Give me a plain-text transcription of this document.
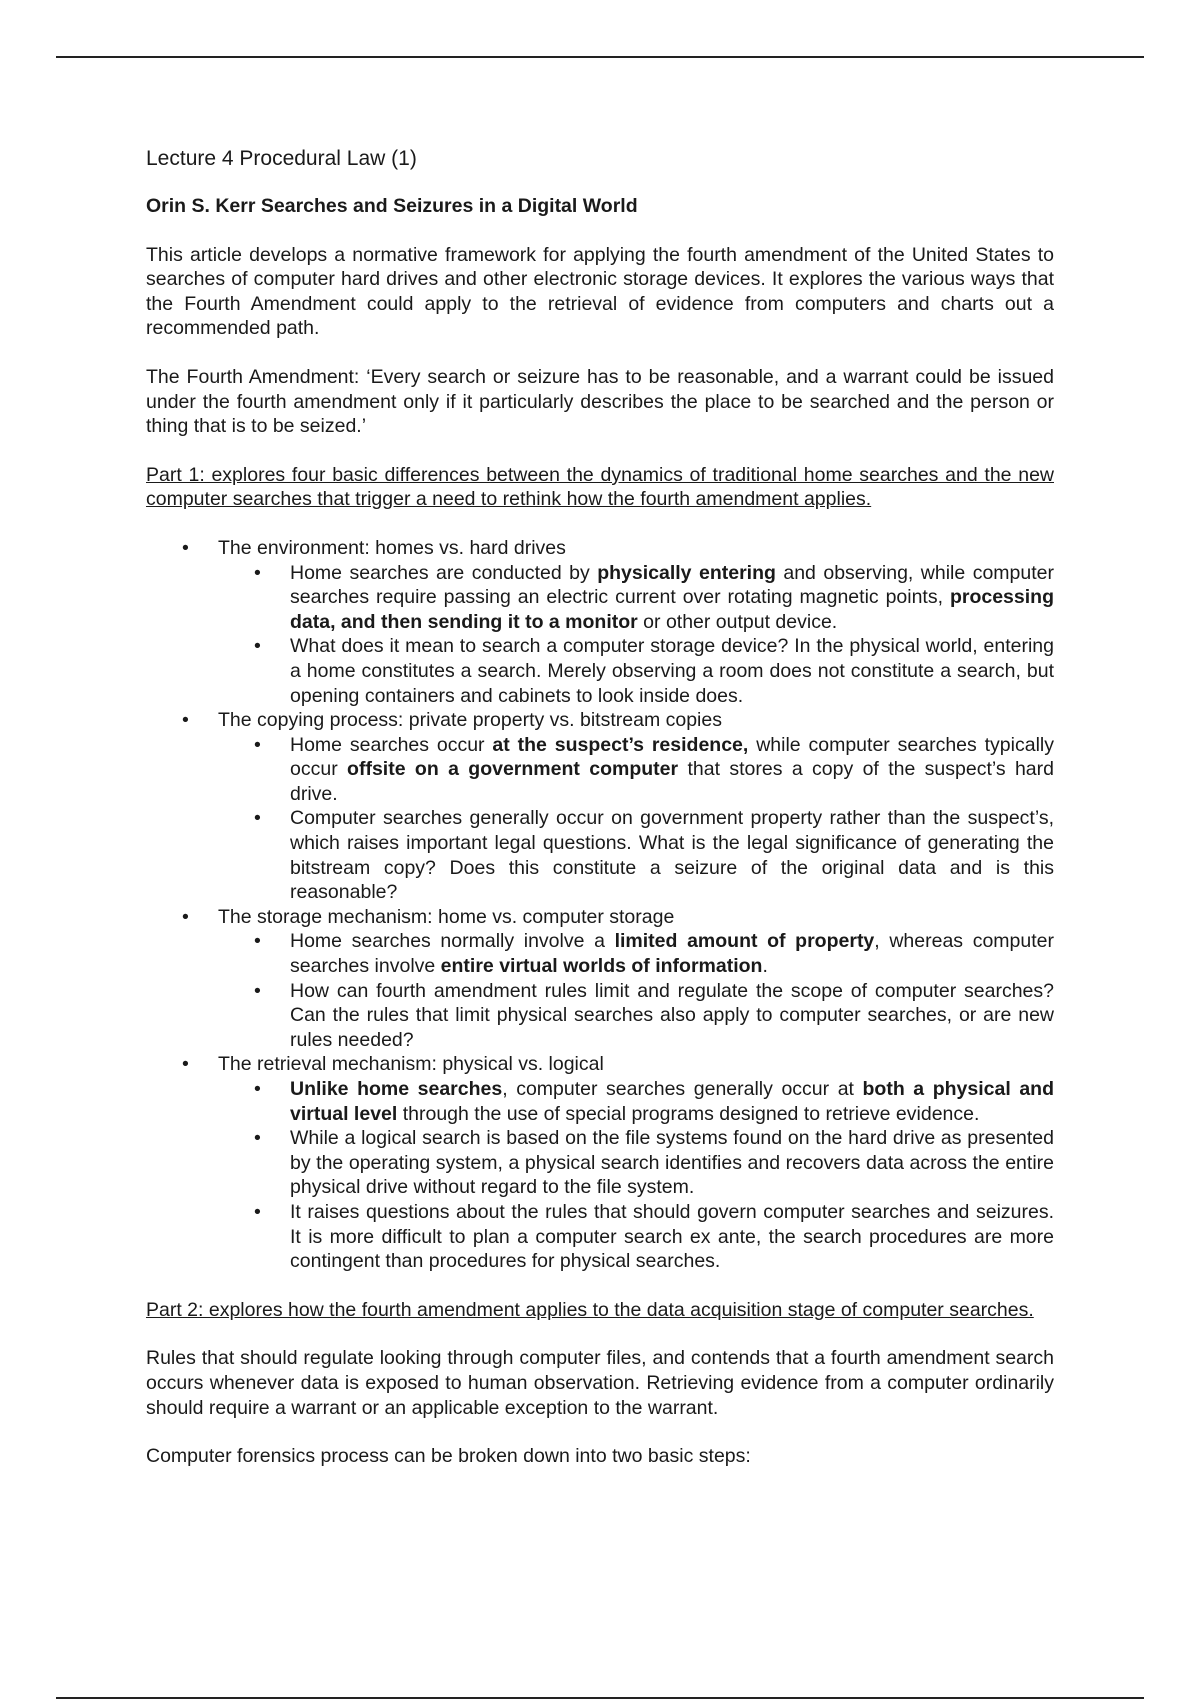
Lecture 4 Procedural Law (1)
Orin S. Kerr Searches and Seizures in a Digital World

This article develops a normative framework for applying the fourth amendment of the United States to searches of computer hard drives and other electronic storage devices. It explores the various ways that the Fourth Amendment could apply to the retrieval of evidence from computers and charts out a recommended path.

The Fourth Amendment: ‘Every search or seizure has to be reasonable, and a warrant could be issued under the fourth amendment only if it particularly describes the place to be searched and the person or thing that is to be seized.’

Part 1: explores four basic differences between the dynamics of traditional home searches and the new computer searches that trigger a need to rethink how the fourth amendment applies.

• The environment: homes vs. hard drives
• Home searches are conducted by physically entering and observing, while computer searches require passing an electric current over rotating magnetic points, processing data, and then sending it to a monitor or other output device.
• What does it mean to search a computer storage device? In the physical world, entering a home constitutes a search. Merely observing a room does not constitute a search, but opening containers and cabinets to look inside does.
• The copying process: private property vs. bitstream copies
• Home searches occur at the suspect’s residence, while computer searches typically occur offsite on a government computer that stores a copy of the suspect’s hard drive.
• Computer searches generally occur on government property rather than the suspect’s, which raises important legal questions. What is the legal significance of generating the bitstream copy? Does this constitute a seizure of the original data and is this reasonable?
• The storage mechanism: home vs. computer storage
• Home searches normally involve a limited amount of property, whereas computer searches involve entire virtual worlds of information.
• How can fourth amendment rules limit and regulate the scope of computer searches? Can the rules that limit physical searches also apply to computer searches, or are new rules needed?
• The retrieval mechanism: physical vs. logical
• Unlike home searches, computer searches generally occur at both a physical and virtual level through the use of special programs designed to retrieve evidence.
• While a logical search is based on the file systems found on the hard drive as presented by the operating system, a physical search identifies and recovers data across the entire physical drive without regard to the file system.
• It raises questions about the rules that should govern computer searches and seizures. It is more difficult to plan a computer search ex ante, the search procedures are more contingent than procedures for physical searches.

Part 2: explores how the fourth amendment applies to the data acquisition stage of computer searches.

Rules that should regulate looking through computer files, and contends that a fourth amendment search occurs whenever data is exposed to human observation. Retrieving evidence from a computer ordinarily should require a warrant or an applicable exception to the warrant.

Computer forensics process can be broken down into two basic steps:
